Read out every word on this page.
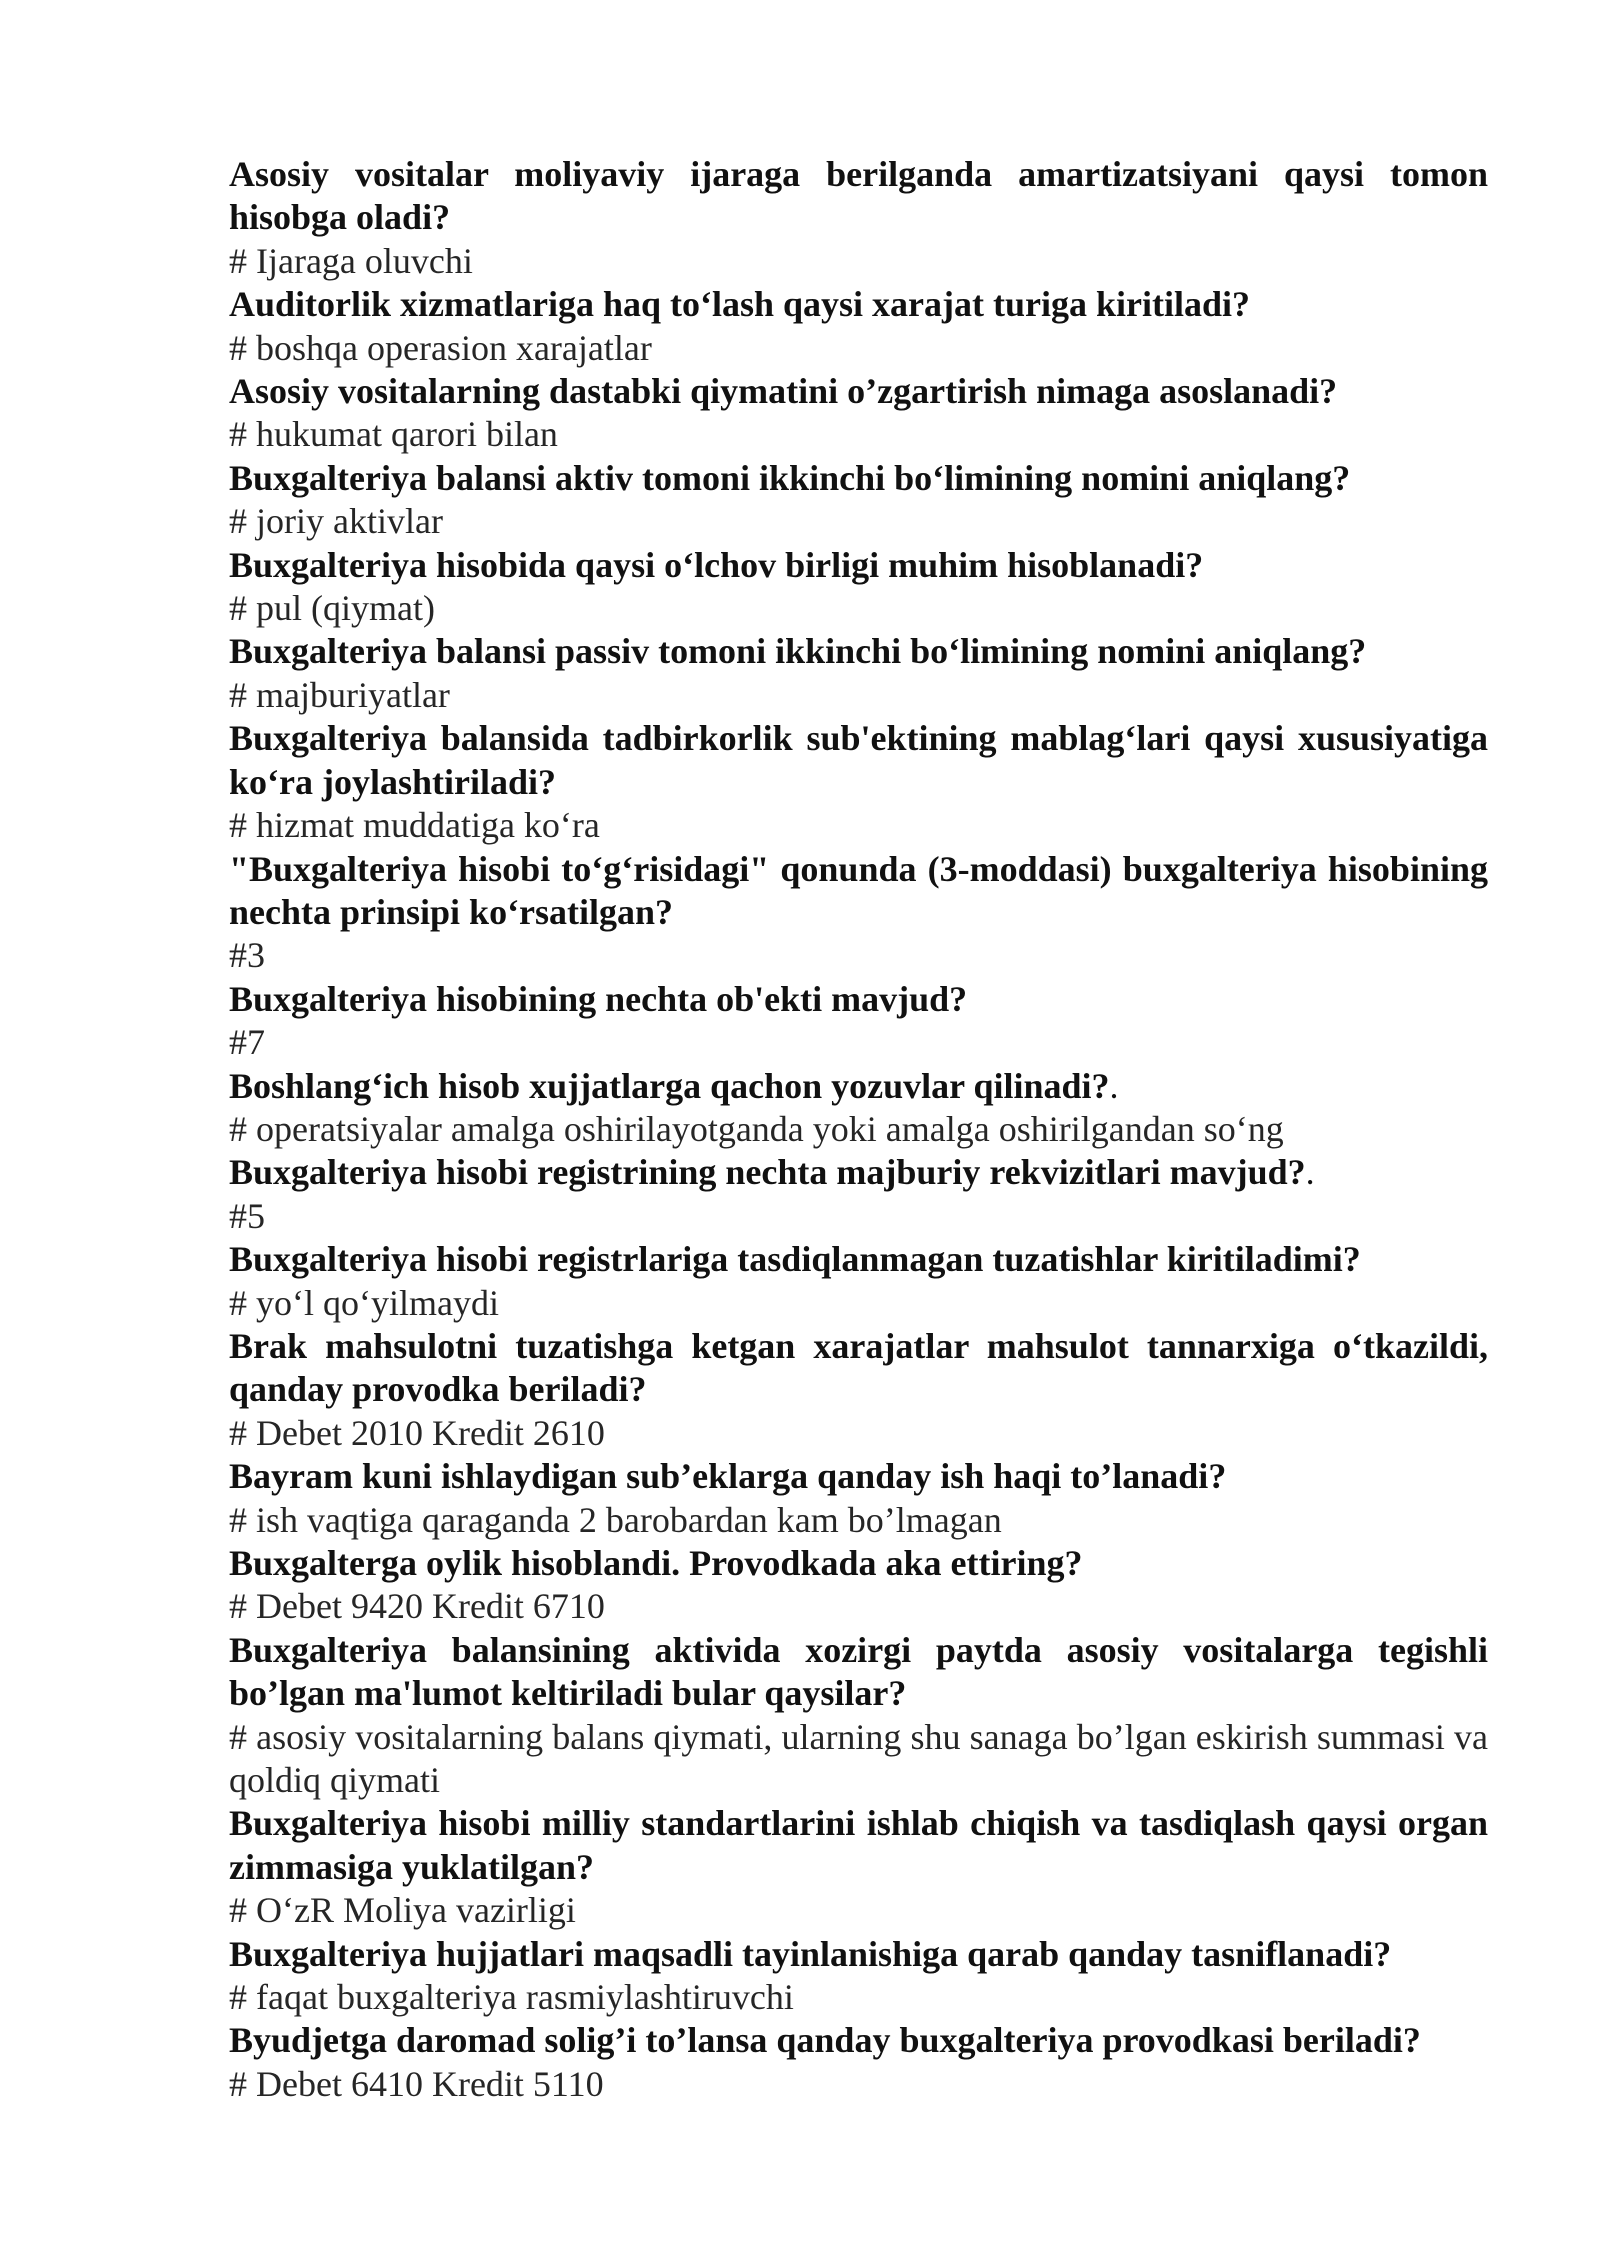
Asosiy vositalar moliyaviy ijaraga berilganda amartizatsiyani qaysi tomon hisobga oladi?

# Ijaraga oluvchi

Auditorlik xizmatlariga haq to‘lash qaysi xarajat turiga kiritiladi?

# boshqa operasion xarajatlar

Asosiy vositalarning dastabki qiymatini o’zgartirish nimaga asoslanadi?

# hukumat qarori bilan

Buxgalteriya balansi aktiv tomoni ikkinchi bo‘limining nomini aniqlang?

# joriy aktivlar

Buxgalteriya hisobida qaysi o‘lchov birligi muhim hisoblanadi?

# pul (qiymat)

Buxgalteriya balansi passiv tomoni ikkinchi bo‘limining nomini aniqlang?

# majburiyatlar

Buxgalteriya balansida tadbirkorlik sub'ektining mablag‘lari qaysi xususiyatiga ko‘ra joylashtiriladi?

# hizmat muddatiga ko‘ra

"Buxgalteriya hisobi to‘g‘risidagi" qonunda (3-moddasi) buxgalteriya hisobining nechta prinsipi ko‘rsatilgan?

#3

Buxgalteriya hisobining nechta ob'ekti mavjud?

#7

Boshlang‘ich hisob xujjatlarga qachon yozuvlar qilinadi?.

# operatsiyalar amalga oshirilayotganda yoki amalga oshirilgandan so‘ng

Buxgalteriya hisobi registrining nechta majburiy rekvizitlari mavjud?.

#5

Buxgalteriya hisobi registrlariga tasdiqlanmagan tuzatishlar kiritiladimi?

# yo‘l qo‘yilmaydi

Brak mahsulotni tuzatishga ketgan xarajatlar mahsulot tannarxiga o‘tkazildi, qanday provodka beriladi?

# Debet 2010 Kredit 2610

Bayram kuni ishlaydigan sub’eklarga qanday ish haqi to’lanadi?

# ish vaqtiga qaraganda 2 barobardan kam bo’lmagan

Buxgalterga oylik hisoblandi. Provodkada aka ettiring?

# Debet 9420 Kredit 6710

Buxgalteriya balansining aktivida xozirgi paytda asosiy vositalarga tegishli bo’lgan ma'lumot keltiriladi bular qaysilar?

# asosiy vositalarning balans qiymati, ularning shu sanaga bo’lgan eskirish summasi va qoldiq qiymati

Buxgalteriya hisobi milliy standartlarini ishlab chiqish va tasdiqlash qaysi organ zimmasiga yuklatilgan?

# O‘zR Moliya vazirligi

Buxgalteriya hujjatlari maqsadli tayinlanishiga qarab qanday tasniflanadi?

# faqat buxgalteriya rasmiylashtiruvchi

Byudjetga daromad solig’i to’lansa qanday buxgalteriya provodkasi beriladi?

# Debet 6410 Kredit 5110
